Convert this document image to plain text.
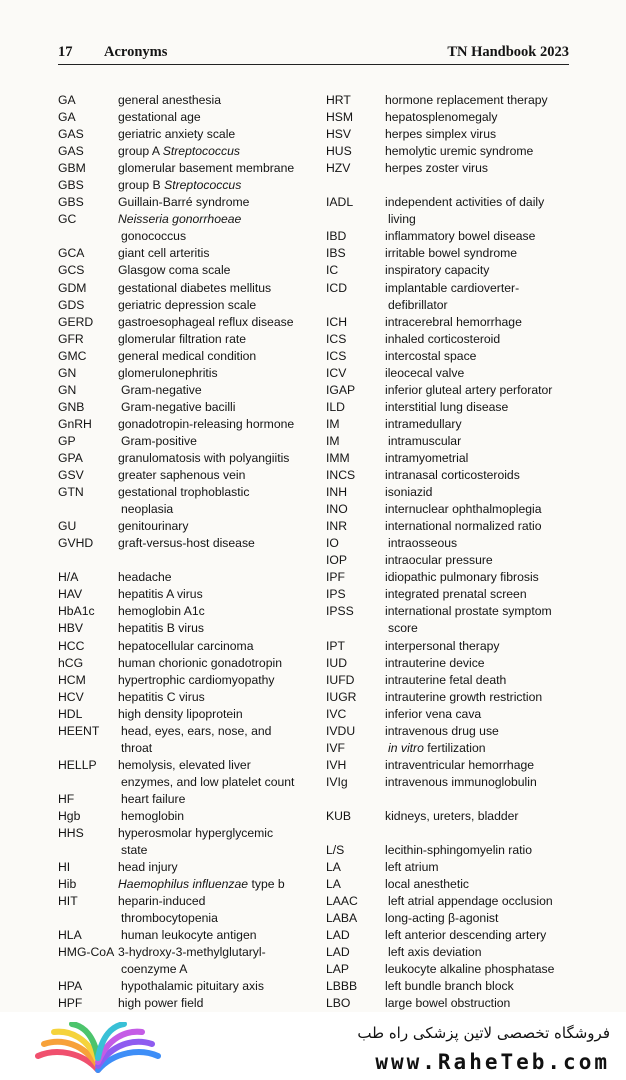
17 Acronyms	TN Handbook 2023
GA	general anesthesia
GA	gestational age
GAS	geriatric anxiety scale
GAS	group A Streptococcus
GBM	glomerular basement membrane
GBS	group B Streptococcus
GBS	Guillain-Barré syndrome
GC	Neisseria gonorrhoeae
gonococcus
GCA	giant cell arteritis
GCS	Glasgow coma scale
GDM	gestational diabetes mellitus
GDS	geriatric depression scale
GERD gastroesophageal reflux disease
GFR	glomerular filtration rate
GMC	general medical condition
GN	glomerulonephritis
GN	Gram-negative
GNB	Gram-negative bacilli
GnRH gonadotropin-releasing hormone
GP	Gram-positive
GPA	granulomatosis with polyangiitis
GSV	greater saphenous vein
GTN	gestational trophoblastic
neoplasia
GU	genitourinary
GVHD graft-versus-host disease
H/A	headache
HAV	hepatitis A virus
HbA1c hemoglobin A1c
HBV	hepatitis B virus
HCC	hepatocellular carcinoma
hCG	human chorionic gonadotropin
HCM	hypertrophic cardiomyopathy
HCV	hepatitis C virus
HDL	high density lipoprotein
HEENT head, eyes, ears, nose, and
throat
HELLP hemolysis, elevated liver
enzymes, and low platelet count
HF	heart failure
Hgb	hemoglobin
HHS	hyperosmolar hyperglycemic
state
HI	head injury
Hib	Haemophilus influenzae type b
HIT	heparin-induced
thrombocytopenia
HLA	human leukocyte antigen
HMG-CoA 3-hydroxy-3-methylglutaryl-
coenzyme A
HPA	hypothalamic pituitary axis
HPF	high power field
HRT	hormone replacement therapy
HSM	hepatosplenomegaly
HSV	herpes simplex virus
HUS	hemolytic uremic syndrome
HZV	herpes zoster virus
IADL	independent activities of daily
living
IBD	inflammatory bowel disease
IBS	irritable bowel syndrome
IC	inspiratory capacity
ICD	implantable cardioverter-
defibrillator
ICH	intracerebral hemorrhage
ICS	inhaled corticosteroid
ICS	intercostal space
ICV	ileocecal valve
IGAP inferior gluteal artery perforator
ILD	interstitial lung disease
IM	intramedullary
IM	intramuscular
IMM	intramyometrial
INCS intranasal corticosteroids
INH	isoniazid
INO	internuclear ophthalmoplegia
INR	international normalized ratio
IO	intraosseous
IOP	intraocular pressure
IPF	idiopathic pulmonary fibrosis
IPS	integrated prenatal screen
IPSS	international prostate symptom
score
IPT	interpersonal therapy
IUD	intrauterine device
IUFD	intrauterine fetal death
IUGR intrauterine growth restriction
IVC	inferior vena cava
IVDU intravenous drug use
IVF	in vitro fertilization
IVH	intraventricular hemorrhage
IVIg	intravenous immunoglobulin
KUB	kidneys, ureters, bladder
L/S	lecithin-sphingomyelin ratio
LA	left atrium
LA	local anesthetic
LAAC left atrial appendage occlusion
LABA long-acting β-agonist
LAD	left anterior descending artery
LAD	left axis deviation
LAP	leukocyte alkaline phosphatase
LBBB left bundle branch block
LBO	large bowel obstruction
فروشگاه تخصصی لاتین پزشکی راه طب
www.RaheTeb.com
